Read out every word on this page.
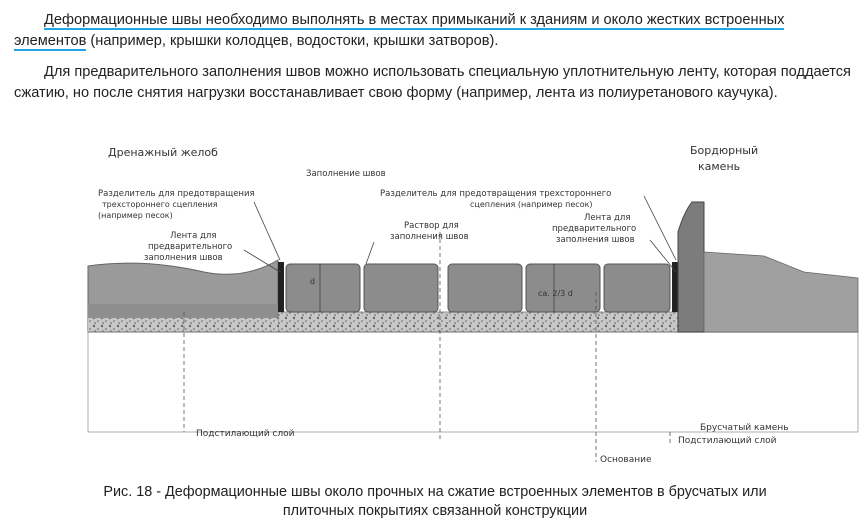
Деформационные швы необходимо выполнять в местах примыканий к зданиям и около жестких встроенных элементов (например, крышки колодцев, водостоки, крышки затворов).

Для предварительного заполнения швов можно использовать специальную уплотнительную ленту, которая поддается сжатию, но после снятия нагрузки восстанавливает свою форму (например, лента из полиуретанового каучука).

Дренажный желоб	Бордюрный
камень
Заполнение швов
Разделитель для предотвращения
трехстороннего сцепления
(например песок)
Лента для
предварительного
заполнения швов
Раствор для
заполнения швов
Разделитель для предотвращения трехстороннего
сцепления (например песок)
Лента для
предварительного
заполнения швов
d
ca. 2/3 d
Подстилающий слой
Брусчатый камень
Подстилающий слой
Основание

Рис. 18 - Деформационные швы около прочных на сжатие встроенных элементов в брусчатых или
плиточных покрытиях связанной конструкции
